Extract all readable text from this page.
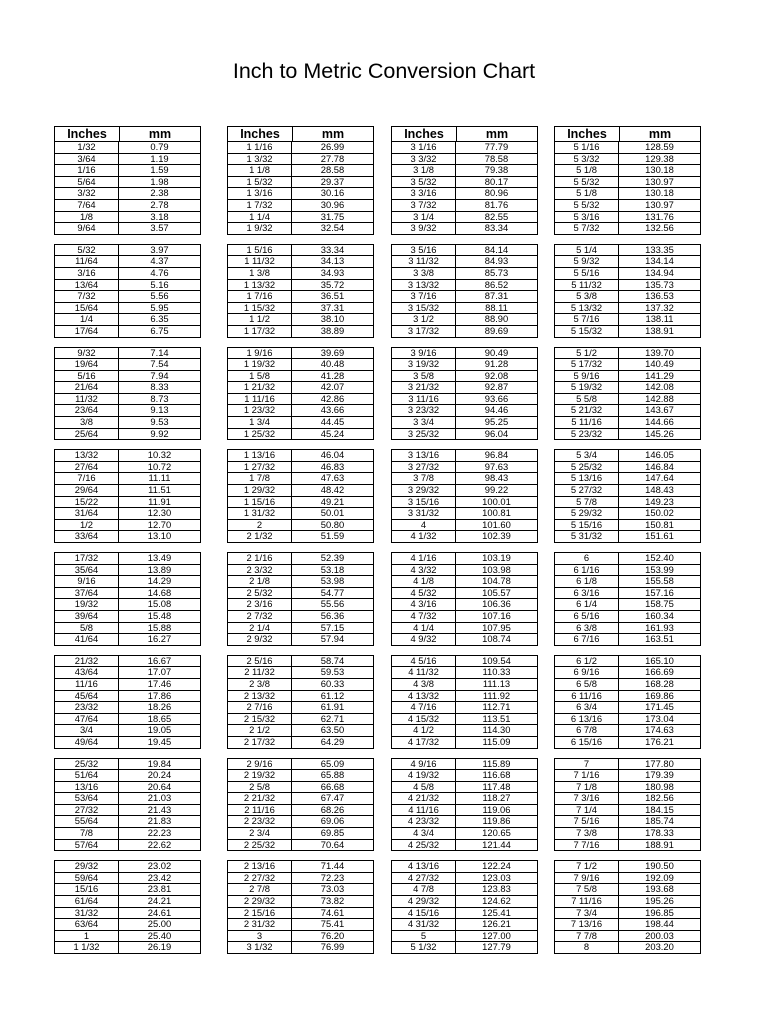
Inch to Metric Conversion Chart
Inches	mm
1/32	0.79
3/64	1.19
1/16	1.59
5/64	1.98
3/32	2.38
7/64	2.78
1/8	3.18
9/64	3.57
5/32	3.97
11/64	4.37
3/16	4.76
13/64	5.16
7/32	5.56
15/64	5.95
1/4	6.35
17/64	6.75
9/32	7.14
19/64	7.54
5/16	7.94
21/64	8.33
11/32	8.73
23/64	9.13
3/8	9.53
25/64	9.92
13/32	10.32
27/64	10.72
7/16	11.11
29/64	11.51
15/22	11.91
31/64	12.30
1/2	12.70
33/64	13.10
17/32	13.49
35/64	13.89
9/16	14.29
37/64	14.68
19/32	15.08
39/64	15.48
5/8	15.88
41/64	16.27
21/32	16.67
43/64	17.07
11/16	17.46
45/64	17.86
23/32	18.26
47/64	18.65
3/4	19.05
49/64	19.45
25/32	19.84
51/64	20.24
13/16	20.64
53/64	21.03
27/32	21.43
55/64	21.83
7/8	22.23
57/64	22.62
29/32	23.02
59/64	23.42
15/16	23.81
61/64	24.21
31/32	24.61
63/64	25.00
1	25.40
1 1/32	26.19
Inches	mm
1 1/16	26.99
1 3/32	27.78
1 1/8	28.58
1 5/32	29.37
1 3/16	30.16
1 7/32	30.96
1 1/4	31.75
1 9/32	32.54
1 5/16	33.34
1 11/32	34.13
1 3/8	34.93
1 13/32	35.72
1 7/16	36.51
1 15/32	37.31
1 1/2	38.10
1 17/32	38.89
1 9/16	39.69
1 19/32	40.48
1 5/8	41.28
1 21/32	42.07
1 11/16	42.86
1 23/32	43.66
1 3/4	44.45
1 25/32	45.24
1 13/16	46.04
1 27/32	46.83
1 7/8	47.63
1 29/32	48.42
1 15/16	49.21
1 31/32	50.01
2	50.80
2 1/32	51.59
2 1/16	52.39
2 3/32	53.18
2 1/8	53.98
2 5/32	54.77
2 3/16	55.56
2 7/32	56.36
2 1/4	57.15
2 9/32	57.94
2 5/16	58.74
2 11/32	59.53
2 3/8	60.33
2 13/32	61.12
2 7/16	61.91
2 15/32	62.71
2 1/2	63.50
2 17/32	64.29
2 9/16	65.09
2 19/32	65.88
2 5/8	66.68
2 21/32	67.47
2 11/16	68.26
2 23/32	69.06
2 3/4	69.85
2 25/32	70.64
2 13/16	71.44
2 27/32	72.23
2 7/8	73.03
2 29/32	73.82
2 15/16	74.61
2 31/32	75.41
3	76.20
3 1/32	76.99
Inches	mm
3 1/16	77.79
3 3/32	78.58
3 1/8	79.38
3 5/32	80.17
3 3/16	80.96
3 7/32	81.76
3 1/4	82.55
3 9/32	83.34
3 5/16	84.14
3 11/32	84.93
3 3/8	85.73
3 13/32	86.52
3 7/16	87.31
3 15/32	88.11
3 1/2	88.90
3 17/32	89.69
3 9/16	90.49
3 19/32	91.28
3 5/8	92.08
3 21/32	92.87
3 11/16	93.66
3 23/32	94.46
3 3/4	95.25
3 25/32	96.04
3 13/16	96.84
3 27/32	97.63
3 7/8	98.43
3 29/32	99.22
3 15/16	100.01
3 31/32	100.81
4	101.60
4 1/32	102.39
4 1/16	103.19
4 3/32	103.98
4 1/8	104.78
4 5/32	105.57
4 3/16	106.36
4 7/32	107.16
4 1/4	107.95
4 9/32	108.74
4 5/16	109.54
4 11/32	110.33
4 3/8	111.13
4 13/32	111.92
4 7/16	112.71
4 15/32	113.51
4 1/2	114.30
4 17/32	115.09
4 9/16	115.89
4 19/32	116.68
4 5/8	117.48
4 21/32	118.27
4 11/16	119.06
4 23/32	119.86
4 3/4	120.65
4 25/32	121.44
4 13/16	122.24
4 27/32	123.03
4 7/8	123.83
4 29/32	124.62
4 15/16	125.41
4 31/32	126.21
5	127.00
5 1/32	127.79
Inches	mm
5 1/16	128.59
5 3/32	129.38
5 1/8	130.18
5 5/32	130.97
5 1/8	130.18
5 5/32	130.97
5 3/16	131.76
5 7/32	132.56
5 1/4	133.35
5 9/32	134.14
5 5/16	134.94
5 11/32	135.73
5 3/8	136.53
5 13/32	137.32
5 7/16	138.11
5 15/32	138.91
5 1/2	139.70
5 17/32	140.49
5 9/16	141.29
5 19/32	142.08
5 5/8	142.88
5 21/32	143.67
5 11/16	144.66
5 23/32	145.26
5 3/4	146.05
5 25/32	146.84
5 13/16	147.64
5 27/32	148.43
5 7/8	149.23
5 29/32	150.02
5 15/16	150.81
5 31/32	151.61
6	152.40
6 1/16	153.99
6 1/8	155.58
6 3/16	157.16
6 1/4	158.75
6 5/16	160.34
6 3/8	161.93
6 7/16	163.51
6 1/2	165.10
6 9/16	166.69
6 5/8	168.28
6 11/16	169.86
6 3/4	171.45
6 13/16	173.04
6 7/8	174.63
6 15/16	176.21
7	177.80
7 1/16	179.39
7 1/8	180.98
7 3/16	182.56
7 1/4	184.15
7 5/16	185.74
7 3/8	178.33
7 7/16	188.91
7 1/2	190.50
7 9/16	192.09
7 5/8	193.68
7 11/16	195.26
7 3/4	196.85
7 13/16	198.44
7 7/8	200.03
8	203.20
